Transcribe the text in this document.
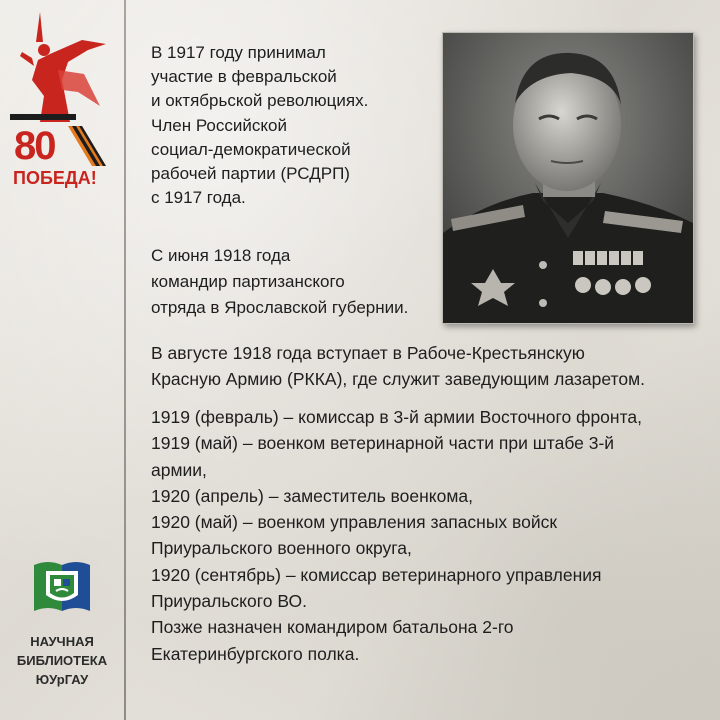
80
ПОБЕДА!
НАУЧНАЯ
БИБЛИОТЕКА
ЮУрГАУ
В 1917 году принимал
участие в февральской
и октябрьской революциях.
Член Российской
социал-демократической
рабочей партии (РСДРП)
с 1917 года.
С июня 1918 года
командир партизанского
отряда в Ярославской губернии.
В августе 1918 года вступает в Рабоче-Крестьянскую
Красную Армию (РККА), где служит заведующим лазаретом.
1919 (февраль) – комиссар в 3-й армии Восточного фронта,
1919 (май) – военком ветеринарной части при штабе 3-й
армии,
1920 (апрель) – заместитель военкома,
1920 (май) – военком управления запасных войск
Приуральского военного округа,
1920 (сентябрь) – комиссар ветеринарного управления
Приуральского ВО.
Позже назначен командиром батальона 2-го
Екатеринбургского полка.
